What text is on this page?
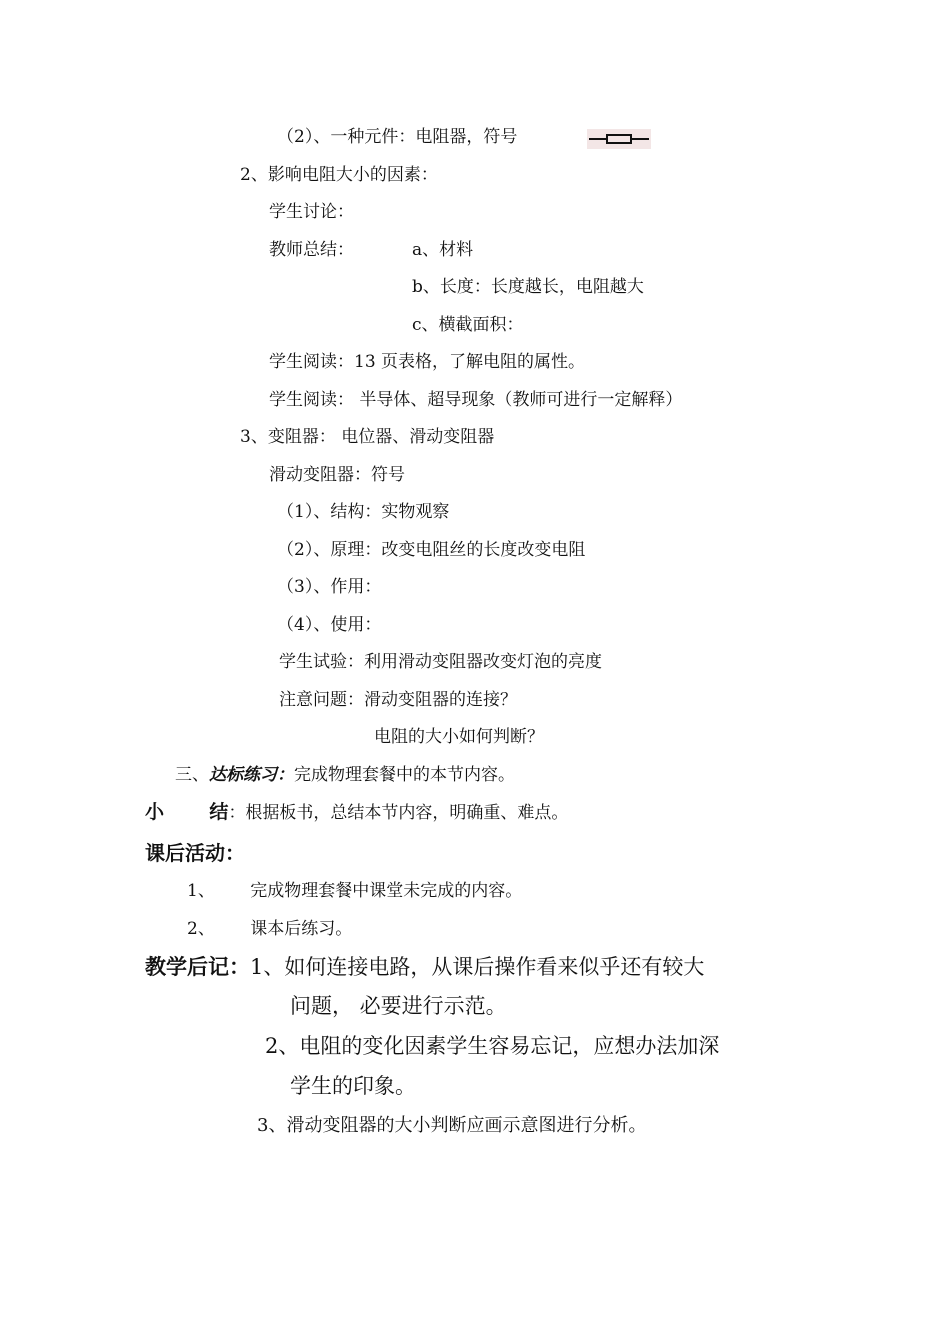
（2）、一种元件：电阻器，符号
2、影响电阻大小的因素：
学生讨论：
教师总结：	a、材料
b、长度：长度越长，电阻越大
c、横截面积：
学生阅读：13 页表格，了解电阻的属性。
学生阅读： 半导体、超导现象（教师可进行一定解释）
3、变阻器： 电位器、滑动变阻器
滑动变阻器：符号
（1）、结构：实物观察
（2）、原理：改变电阻丝的长度改变电阻
（3）、作用：
（4）、使用：
学生试验：利用滑动变阻器改变灯泡的亮度
注意问题：滑动变阻器的连接？
电阻的大小如何判断？
三、达标练习：完成物理套餐中的本节内容。
小 结：根据板书，总结本节内容，明确重、难点。
课后活动：
1、 完成物理套餐中课堂未完成的内容。
2、 课本后练习。
教学后记：1、如何连接电路，从课后操作看来似乎还有较大
问题， 必要进行示范。
2、电阻的变化因素学生容易忘记，应想办法加深
学生的印象。
3、滑动变阻器的大小判断应画示意图进行分析。
